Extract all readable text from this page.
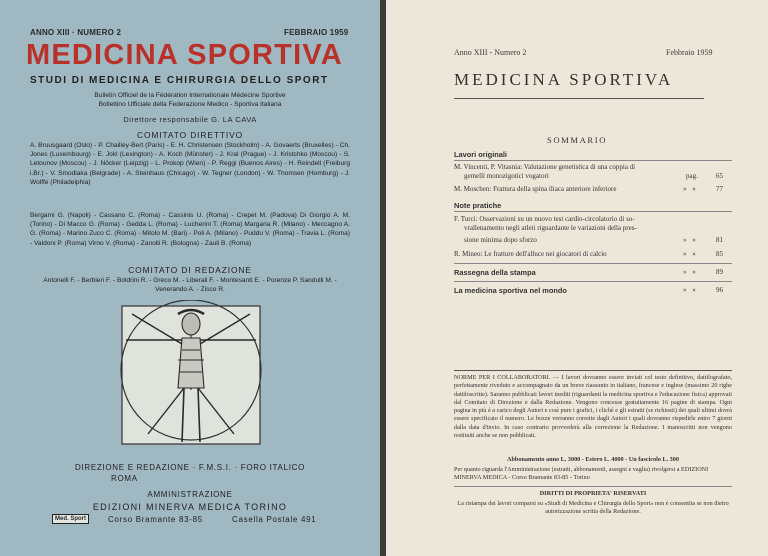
ANNO XIII · NUMERO 2	FEBBRAIO 1959
MEDICINA SPORTIVA
STUDI DI MEDICINA E CHIRURGIA DELLO SPORT
Bulletin Officiel de la Fédération Internationale Médecine Sportive
Bollettino Ufficiale della Federazione Medico - Sportiva Italiana
Direttore responsabile G. LA CAVA
COMITATO DIRETTIVO
A. Bruusgaard (Oslo) - P. Chailley-Bert (Paris) - E. H. Christensen (Stockholm) - A. Govaerts (Bruxelles) - Ch. Jones (Luxembourg) - E. Jokl (Lexington) - A. Koch (Münster) - J. Kral (Prague) - J. Kristchko (Moscou) - S. Letounov (Moscou) - J. Nöcker (Leipzig) - L. Prokop (Wien) - P. Reggi (Buenos Aires) - H. Reindell (Freiburg i.Br.) - V. Smodlaka (Belgrade) - A. Steinhaus (Chicago) - W. Tegner (London) - W. Thomsen (Homburg) - J. Wolffe (Philadelphia)
Bergami G. (Napoli) - Cassano C. (Roma) - Cassinis U. (Roma) - Crepet M. (Padova) Di Giorgio A. M. (Torino) - Di Macco G. (Roma) - Gedda L. (Roma) - Lucherini T. (Roma) Margaria R. (Milano) - Meccagno A. G. (Roma) - Marino Zuco C. (Roma) - Mitolo M. (Bari) - Poli A. (Milano) - Puddu V. (Roma) - Travia L. (Roma) - Valdoni P. (Roma) Virno V. (Roma) - Zanolli R. (Bologna) - Zauli B. (Roma)
COMITATO DI REDAZIONE
Antonelli F. - Berbieri F. - Boldrini R. - Greco M. - Liberali F. - Montesanti E. - Porenze P. Sandulli M. - Venerando A. - Zisco R.
DIREZIONE E REDAZIONE · F.M.S.I. · FORO ITALICO
ROMA
AMMINISTRAZIONE
EDIZIONI MINERVA MEDICA TORINO
Corso Bramante 83-85	Casella Postale 491
Med. Sport
Anno XIII - Numero 2	Febbraio 1959
MEDICINA SPORTIVA
SOMMARIO
Lavori originali
M. Vincenti, P. Vitasnia: Valutazione genetistica di una coppia di
gemelli monozigotici vogatori	pag.	65
M. Moschen: Frattura della spina iliaca anteriore inferiore	» »	77
Note pratiche
F. Turci: Osservazioni su un nuovo test cardio-circolatorio di so-
vrallenamento negli atleti riguardante le variazioni della pres-
sione minima dopo sforzo	» »	81
R. Mineo: Le fratture dell'alluce nei giocatori di calcio	» »	85
Rassegna della stampa	» »	89
La medicina sportiva nel mondo	» »	96
NORME PER I COLLABORATORI. — I lavori dovranno essere inviati col testo definitivo, dattilografato, perfettamente riveduto e accompagnato da un breve riassunto in italiano, francese e inglese (massimo 20 righe dattiloscritte). Saranno pubblicati lavori inediti (riguardanti la medicina sportiva e l'educazione fisica) approvati dal Comitato di Direzione e dalla Redazione. Vengono concesse gratuitamente 16 pagine di stampa. Ogni pagina in più è a carico degli Autori e così pure i grafici, i cliché e gli estratti (se richiesti) dei quali ultimi dovrà essere specificato il numero. Le bozze verranno corrette dagli Autori i quali dovranno rispedirle entro 7 giorni dalla data d'invio. In caso contrario provvederà alla correzione la Redazione. I manoscritti non vengono restituiti anche se non pubblicati.
Abbonamento anno L. 3000 - Estero L. 4000 - Un fascicolo L. 300
Per quanto riguarda l'Amministrazione (estratti, abbonamenti, assegni e vaglia) rivolgersi a EDIZIONI MINERVA MEDICA - Corso Bramante 83-85 - Torino
DIRITTI DI PROPRIETA' RISERVATI
La ristampa dei lavori comparsi su «Studi di Medicina e Chirurgia dello Sport» non è consentita se non dietro autorizzazione scritta della Redazione.
